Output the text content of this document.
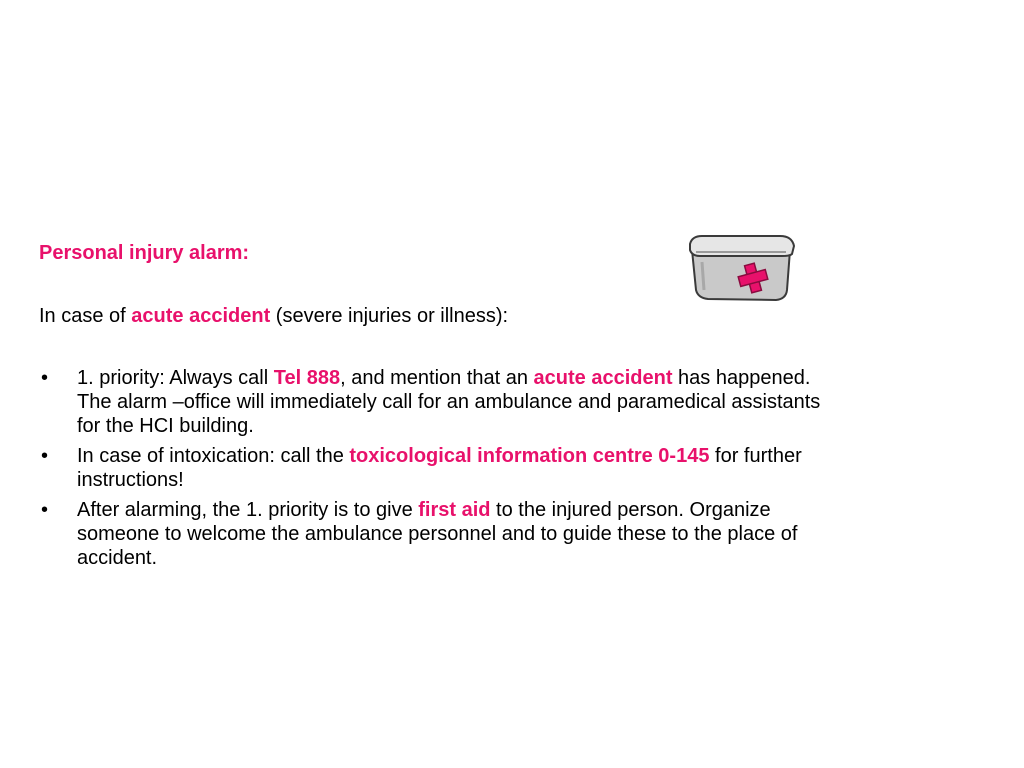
Personal injury alarm:

In case of acute accident (severe injuries or illness):

• 1. priority: Always call Tel 888, and mention that an acute accident has happened. The alarm –office will immediately call for an ambulance and paramedical assistants for the HCI building.
• In case of intoxication: call the toxicological information centre 0-145 for further instructions!
• After alarming, the 1. priority is to give first aid to the injured person. Organize someone to welcome the ambulance personnel and to guide these to the place of accident.
